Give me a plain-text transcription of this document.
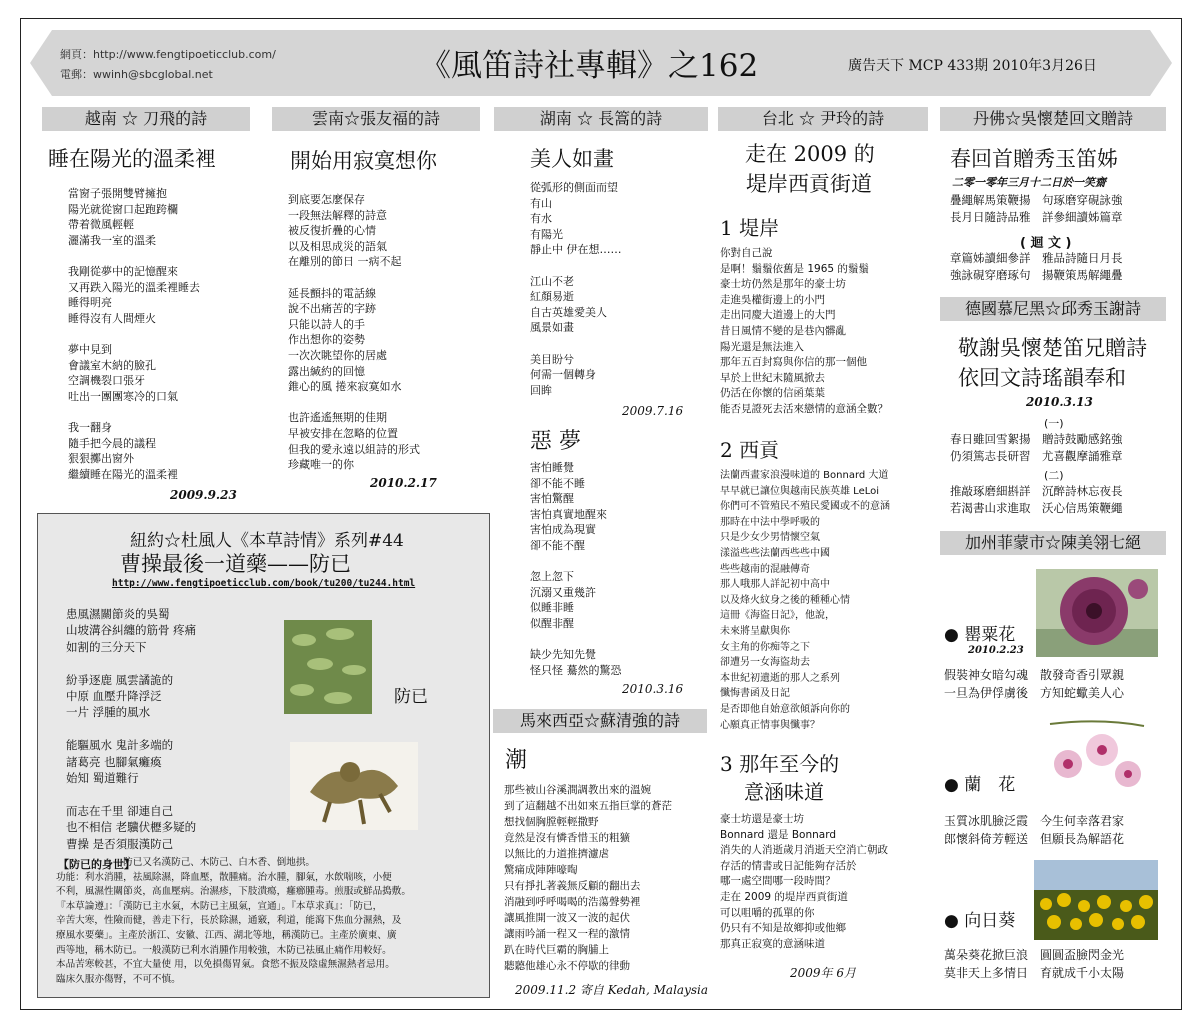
網頁：http://www.fengtipoeticclub.com/
電郵：wwinh@sbcglobal.net	《風笛詩社專輯》之162	廣告天下 MCP 433期 2010年3月26日
越南 ☆ 刀飛的詩
睡在陽光的溫柔裡
當窗子張開雙臂擁抱
陽光就從窗口起跑跨欄
帶着微風輕輕
灑滿我一室的溫柔

我剛從夢中的記憶醒來
又再跌入陽光的溫柔裡睡去
睡得明亮
睡得沒有人間煙火

夢中見到
會議室木納的臉孔
空調機裂口張牙
吐出一團團寒冷的口氣

我一翻身
隨手把今晨的議程
狠狠擲出窗外
繼續睡在陽光的溫柔裡
2009.9.23
雲南☆張友福的詩
開始用寂寞想你
到底要怎麼保存
一段無法解釋的詩意
被反復折疊的心情
以及相思成災的語氣
在離別的節日 一病不起

延長顫抖的電話線
說不出痛苦的字跡
只能以詩人的手
作出想你的姿勢
一次次眺望你的居處
露出緘約的回憶
錐心的風 捲來寂寞如水

也許遙遙無期的佳期
早被安排在忽略的位置
但我的愛永遠以組詩的形式
珍藏唯一的你
2010.2.17
湖南 ☆ 長篙的詩
美人如畫
從弧形的側面而望
有山
有水
有陽光
靜止中 伊在想……

江山不老
紅顏易逝
自古英雄愛美人
風景如畫

美目盼兮
何需一個轉身
回眸
2009.7.16
惡 夢
害怕睡覺
卻不能不睡
害怕驚醒
害怕真實地醒來
害怕成為現實
卻不能不醒

忽上忽下
沉溺又重幾許
似睡非睡
似醒非醒

缺少先知先覺
怪只怪 驀然的驚恐
2010.3.16
馬來西亞☆蘇清強的詩
潮
那些被山谷溪澗調教出來的溫婉
到了這翻越不出如來五指巨掌的蒼茫
想找個胸膛輕輕撒野
竟然是沒有憐香惜玉的粗獷
以無比的力道推擠濾虐
驚痛成陣陣嚎啕
只有掙扎著義無反顧的翻出去
消融到呼呼喝喝的浩蕩聲勢裡
讓風推開一波又一波的起伏
讓雨吟誦一程又一程的激情
趴在時代巨霸的胸脯上
聽聽他雄心永不停歇的律動
2009.11.2 寄自 Kedah, Malaysia
台北 ☆ 尹玲的詩
走在 2009 的
堤岸西貢街道
1 堤岸
你對自己說
是啊！鬚鬚依舊是 1965 的鬚鬚
豪士坊仍然是那年的豪士坊
走進吳權街邊上的小門
走出同慶大道邊上的大門
昔日風情不變的是巷內髒亂
陽光還是無法進入
那年五百封寫與你信的那一個他
早於上世紀末隨風掀去
仍活在你懷的信函葉葉
能否見證死去活來戀情的意涵全數？
2 西貢
法蘭西畫家浪漫味道的 Bonnard 大道
早早就已讓位與越南民族英雄 LeLoi
你們可不管殖民不殖民愛國或不的意涵
那時在中法中學呼吸的
只是少女少男情懷空氣
漾溢些些法蘭西些些中國
些些越南的混融傳奇
那人哦那人詳記初中高中
以及烽火紋身之後的種種心情
這冊《海盜日記》，他說，
未來將呈獻與你
女主角的你痴等之下
卻遭另一女海盜劫去
本世紀初遺逝的那人之系列
懺悔書函及日記
是否即他自始意欲傾訴向你的
心願真正情事與懺事？
3 那年至今的
意涵味道
豪士坊還是豪士坊
Bonnard 還是 Bonnard
消失的人消逝歲月消逝天空消亡朝政
存活的情書或日記能夠存活於
哪一處空間哪一段時間？
走在 2009 的堤岸西貢街道
可以咀嚼的孤單的你
仍只有不知是故鄉抑或他鄉
那真正寂寞的意涵味道
2009年 6月
丹佛☆吳懷楚回文贈詩
春回首贈秀玉笛姊
二零一零年三月十二日於一笑齋
疊繩解馬策鞭揚　句琢磨穿硯詠強
長月日隨詩品雅　詳參細讀姊篇章
( 迴 文 )
章篇姊讀細參詳　雅品詩隨日月長
強詠硯穿磨琢句　揚鞭策馬解繩疊
德國慕尼黑☆邱秀玉謝詩
敬謝吳懷楚笛兄贈詩
依回文詩瑤韻奉和
2010.3.13
(一)
春日雖回雪絮揚　贈詩鼓勵感銘強
仍須篤志長研習　尤喜觀摩誦雅章
(二)
推敲琢磨細斟詳　沉醉詩林忘夜長
若渴書山求進取　沃心信馬策鞭繩
加州菲蒙市☆陳美翎七絕
● 罌粟花
2010.2.23
假裝神女暗勾魂　散發奇香引眾親
一旦為伊俘虜後　方知蛇蠍美人心
● 蘭　花
玉質冰肌臉泛霞　今生何幸落君家
郎懷斜倚芳輕送　但願長為解語花
● 向日葵
萬朵葵花掀巨浪　圓圓盃臉閃金光
莫非天上多情日　育就成千小太陽
紐約☆杜風人《本草詩情》系列#44
曹操最後一道藥——防已
http://www.fengtipoeticclub.com/book/tu200/tu244.html
患風濕關節炎的吳蜀
山坡溝谷糾纏的筋骨 疼痛
如割的三分天下

紛爭逐鹿 風雲譎詭的
中原 血壓升降浮泛
一片 浮腫的風水

能驅風水 鬼計多端的
諸葛亮 也腳氣癱瘓
始知 蜀道難行

而志在千里 卻連自己
也不相信 老驥伏櫪多疑的
曹操 是否須服漢防己
防已
【防已的身世】
防已又名漢防己、木防己、白木香、倒地拱。
功能：利水消腫，祛風除濕，降血壓，散腫痛。治水腫，腳氣，水飲喘咳，小便
不利，風濕性關節炎，高血壓病。治濕疹，下肢潰瘍，癰癤腫毒。煎服或鮮品搗敷。
『本草論遵』：「漢防已主水氣，木防已主風氣，宣通」。『本草求真』：「防已，
辛苦大寒，性險而健，善走下行，長於除濕，通竅，利道，能瀉下焦血分濕熱，及
療風水要藥」。主產於浙江、安徽、江西、湖北等地，稱漢防已。主產於廣東、廣
西等地，稱木防已。一般漢防已利水消腫作用較強，木防已祛風止痛作用較好。
本品苦寒較甚，不宜大量使 用，以免損傷胃氣。食慾不振及陰虛無濕熱者忌用。
臨床久服亦傷腎，不可不慎。
